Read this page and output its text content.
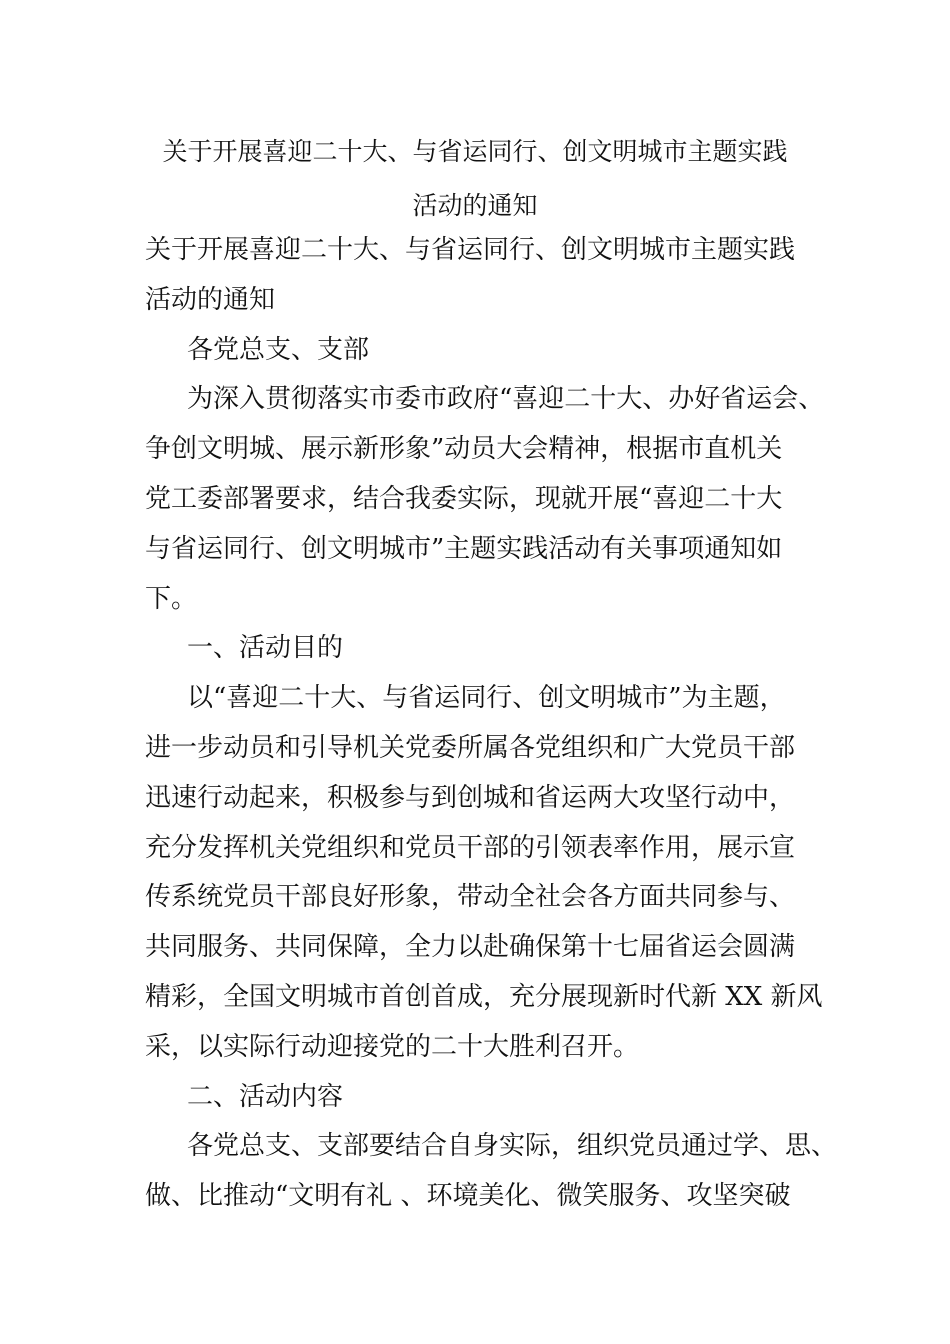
关于开展喜迎二十大、与省运同行、创文明城市主题实践
活动的通知

关于开展喜迎二十大、与省运同行、创文明城市主题实践

活动的通知

各党总支、支部

为深入贯彻落实市委市政府“喜迎二十大、办好省运会、

争创文明城、展示新形象”动员大会精神，根据市直机关

党工委部署要求，结合我委实际，现就开展“喜迎二十大

与省运同行、创文明城市”主题实践活动有关事项通知如

下。

一、活动目的

以“喜迎二十大、与省运同行、创文明城市”为主题，

进一步动员和引导机关党委所属各党组织和广大党员干部

迅速行动起来，积极参与到创城和省运两大攻坚行动中，

充分发挥机关党组织和党员干部的引领表率作用，展示宣

传系统党员干部良好形象，带动全社会各方面共同参与、

共同服务、共同保障，全力以赴确保第十七届省运会圆满

精彩，全国文明城市首创首成，充分展现新时代新 XX 新风

采，以实际行动迎接党的二十大胜利召开。

二、活动内容

各党总支、支部要结合自身实际，组织党员通过学、思、

做、比推动“文明有礼 、环境美化、微笑服务、攻坚突破
